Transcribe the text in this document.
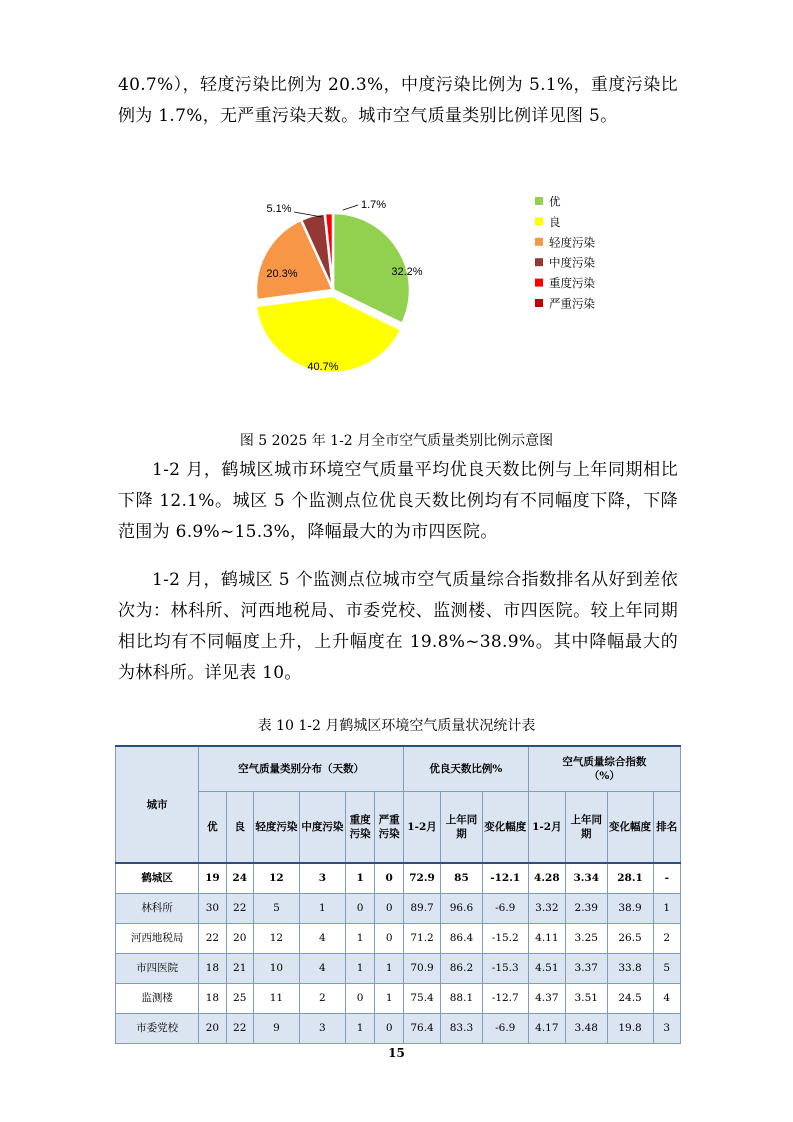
40.7%），轻度污染比例为 20.3%，中度污染比例为 5.1%，重度污染比例为 1.7%，无严重污染天数。城市空气质量类别比例详见图 5。

32.2%
40.7%
20.3%
5.1%	1.7%	优
良
轻度污染
中度污染
重度污染
严重污染
图 5 2025 年 1-2 月全市空气质量类别比例示意图

1-2 月，鹤城区城市环境空气质量平均优良天数比例与上年同期相比下降 12.1%。城区 5 个监测点位优良天数比例均有不同幅度下降，下降范围为 6.9%~15.3%，降幅最大的为市四医院。

1-2 月，鹤城区 5 个监测点位城市空气质量综合指数排名从好到差依次为：林科所、河西地税局、市委党校、监测楼、市四医院。较上年同期相比均有不同幅度上升，上升幅度在 19.8%~38.9%。其中降幅最大的为林科所。详见表 10。

表 10 1-2 月鹤城区环境空气质量状况统计表
城市	空气质量类别分布（天数）						优良天数比例%			空气质量综合指数
（%）			

	优	良	轻度污染	中度污染	重度污染	严重污染	1-2月	上年同期	变化幅度	1-2月	上年同期	变化幅度	排名
鹤城区	19	24	12	3	1	0	72.9	85	-12.1	4.28	3.34	28.1	-
林科所	30	22	5	1	0	0	89.7	96.6	-6.9	3.32	2.39	38.9	1
河西地税局	22	20	12	4	1	0	71.2	86.4	-15.2	4.11	3.25	26.5	2
市四医院	18	21	10	4	1	1	70.9	86.2	-15.3	4.51	3.37	33.8	5
监测楼	18	25	11	2	0	1	75.4	88.1	-12.7	4.37	3.51	24.5	4
市委党校	20	22	9	3	1	0	76.4	83.3	-6.9	4.17	3.48	19.8	3
15
